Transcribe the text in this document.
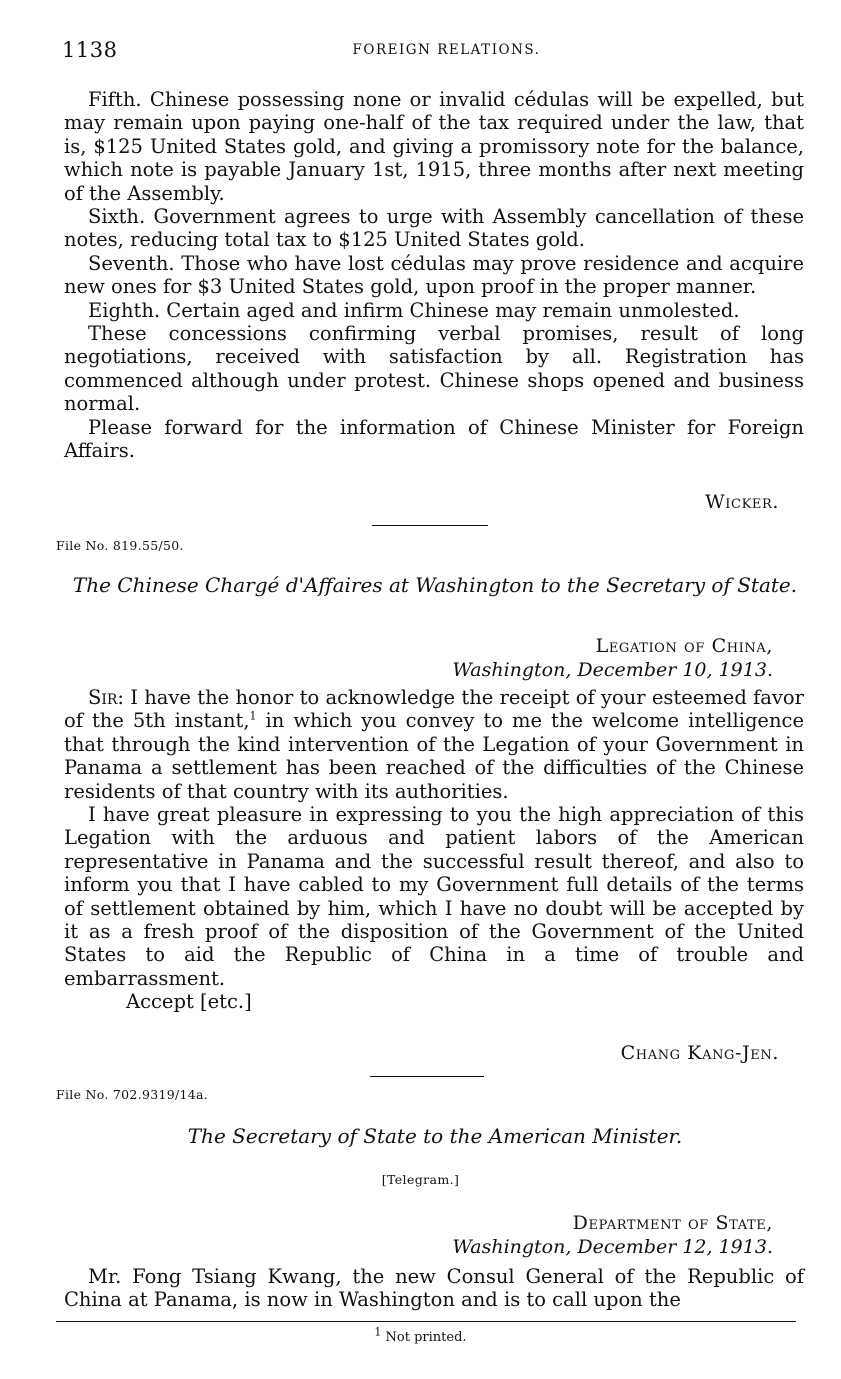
1138	FOREIGN RELATIONS.

Fifth. Chinese possessing none or invalid cédulas will be expelled, but may remain upon paying one-half of the tax required under the law, that is, $125 United States gold, and giving a promissory note for the balance, which note is payable January 1st, 1915, three months after next meeting of the Assembly.

Sixth. Government agrees to urge with Assembly cancellation of these notes, reducing total tax to $125 United States gold.

Seventh. Those who have lost cédulas may prove residence and acquire new ones for $3 United States gold, upon proof in the proper manner.

Eighth. Certain aged and infirm Chinese may remain unmolested.

These concessions confirming verbal promises, result of long negotiations, received with satisfaction by all. Registration has commenced although under protest. Chinese shops opened and business normal.

Please forward for the information of Chinese Minister for Foreign Affairs.

Wicker.
File No. 819.55/50.
The Chinese Chargé d'Affaires at Washington to the Secretary of State.
Legation of China,
Washington, December 10, 1913.

Sir: I have the honor to acknowledge the receipt of your esteemed favor of the 5th instant,$^1$ in which you convey to me the welcome intelligence that through the kind intervention of the Legation of your Government in Panama a settlement has been reached of the difficulties of the Chinese residents of that country with its authorities.

I have great pleasure in expressing to you the high appreciation of this Legation with the arduous and patient labors of the American representative in Panama and the successful result thereof, and also to inform you that I have cabled to my Government full details of the terms of settlement obtained by him, which I have no doubt will be accepted by it as a fresh proof of the disposition of the Government of the United States to aid the Republic of China in a time of trouble and embarrassment.

Accept [etc.]

Chang Kang-Jen.
File No. 702.9319/14a.
The Secretary of State to the American Minister.
[Telegram.]
Department of State,
Washington, December 12, 1913.

Mr. Fong Tsiang Kwang, the new Consul General of the Republic of China at Panama, is now in Washington and is to call upon the

$^1$ Not printed.
